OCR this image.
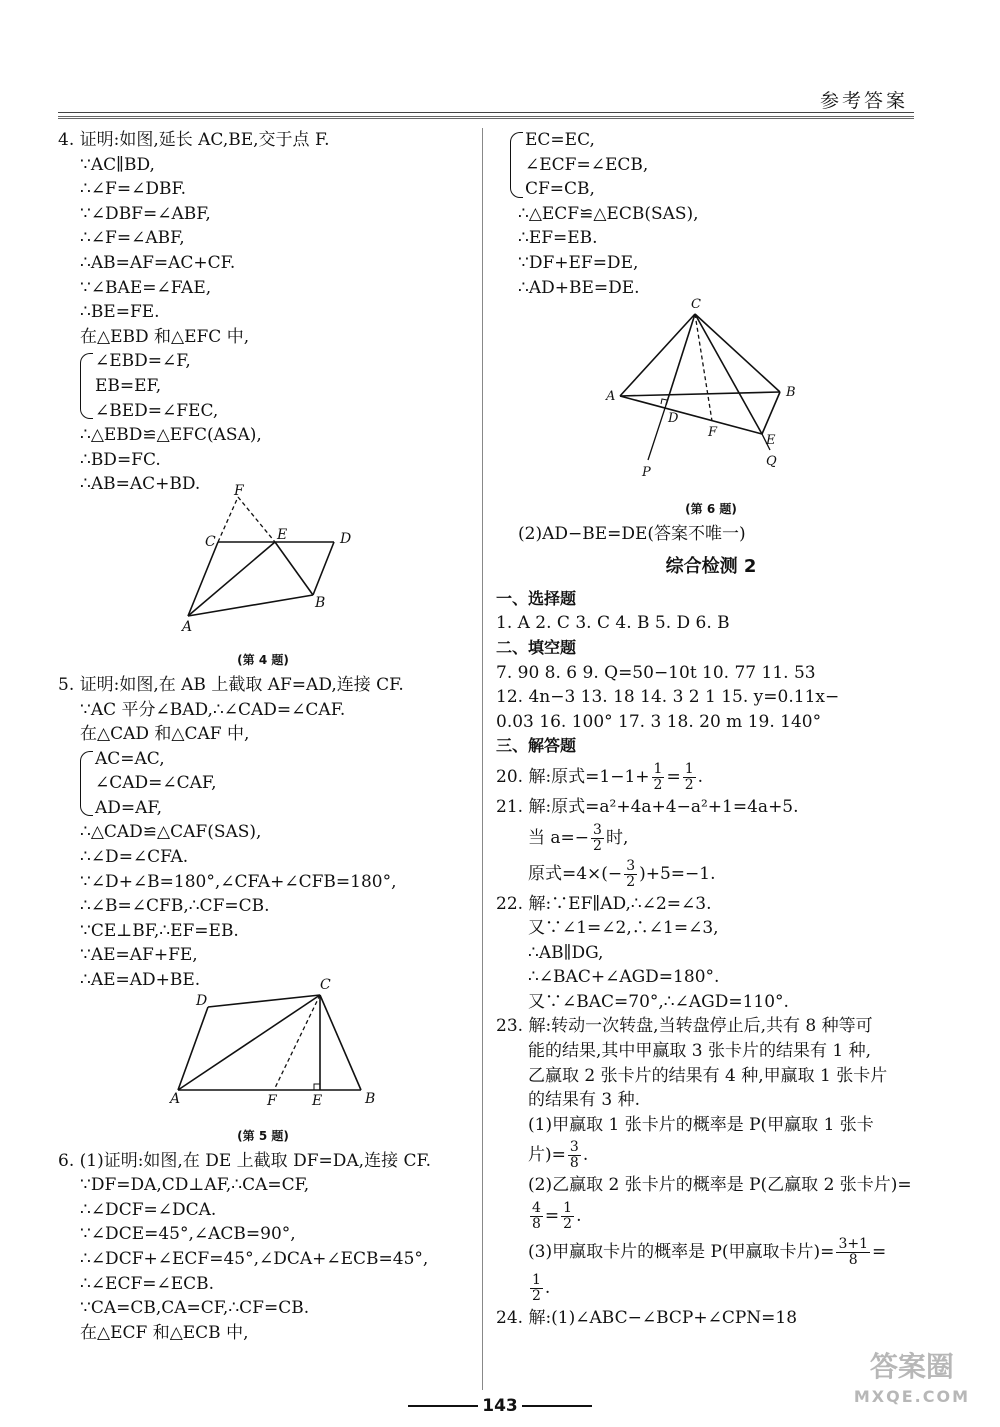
参考答案
4. 证明:如图,延长 AC,BE,交于点 F.
∵AC∥BD,
∴∠F=∠DBF.
∵∠DBF=∠ABF,
∴∠F=∠ABF,
∴AB=AF=AC+CF.
∵∠BAE=∠FAE,
∴BE=FE.
在△EBD 和△EFC 中,
∠EBD=∠F,
EB=EF,
∠BED=∠FEC,
∴△EBD≌△EFC(ASA),
∴BD=FC.
∴AB=AC+BD.	F
C	E	D
A
B
(第 4 题)
5. 证明:如图,在 AB 上截取 AF=AD,连接 CF.
∵AC 平分∠BAD,∴∠CAD=∠CAF.
在△CAD 和△CAF 中,
AC=AC,
∠CAD=∠CAF,
AD=AF,
∴△CAD≌△CAF(SAS),
∴∠D=∠CFA.
∵∠D+∠B=180°,∠CFA+∠CFB=180°,
∴∠B=∠CFB,∴CF=CB.
∵CE⊥BF,∴EF=EB.
∵AE=AF+FE,
∴AE=AD+BE.
D
C
A	F	E	B
(第 5 题)
6. (1)证明:如图,在 DE 上截取 DF=DA,连接 CF.
∵DF=DA,CD⊥AF,∴CA=CF,
∴∠DCF=∠DCA.
∵∠DCE=45°,∠ACB=90°,
∴∠DCF+∠ECF=45°,∠DCA+∠ECB=45°,
∴∠ECF=∠ECB.
∵CA=CB,CA=CF,∴CF=CB.
在△ECF 和△ECB 中,
EC=EC,
∠ECF=∠ECB,
CF=CB,
∴△ECF≌△ECB(SAS),
∴EF=EB.
∵DF+EF=DE,
∴AD+BE=DE.
C
A	B
D
F
E
P
Q
(第 6 题)
(2)AD−BE=DE(答案不唯一)
综合检测 2
一、选择题
1. A 2. C 3. C 4. B 5. D 6. B
二、填空题
7. 90 8. 6 9. Q=50−10t 10. 77 11. 53
12. 4n−3 13. 18 14. 3 2 1 15. y=0.11x−
0.03 16. 100° 17. 3 18. 20 m 19. 140°
三、解答题
20. 解:原式$=1-1+ \frac{1}{2} = \frac{1}{2}$ .
21. 解:原式=a²+4a+4−a²+1=4a+5.
当 $a=- \frac{3}{2}$ 时,
原式$=4\times(- \frac{3}{2} )+5=-1$.
22. 解:∵EF∥AD,∴∠2=∠3.
又∵∠1=∠2,∴∠1=∠3,
∴AB∥DG,
∴∠BAC+∠AGD=180°.
又∵∠BAC=70°,∴∠AGD=110°.
23. 解:转动一次转盘,当转盘停止后,共有 8 种等可
能的结果,其中甲赢取 3 张卡片的结果有 1 种,
乙赢取 2 张卡片的结果有 4 种,甲赢取 1 张卡片
的结果有 3 种.
(1)甲赢取 1 张卡片的概率是 P(甲赢取 1 张卡
片)= $\frac{3}{8}$ .
(2)乙赢取 2 张卡片的概率是 P(乙赢取 2 张卡片)=
$\frac{4}{8} = \frac{1}{2}$ .
(3)甲赢取卡片的概率是 P(甲赢取卡片)= $\frac{3+1}{8}$ =
$\frac{1}{2}$ .
24. 解:(1)∠ABC−∠BCP+∠CPN=18
143
答案圈
MXQE.COM
